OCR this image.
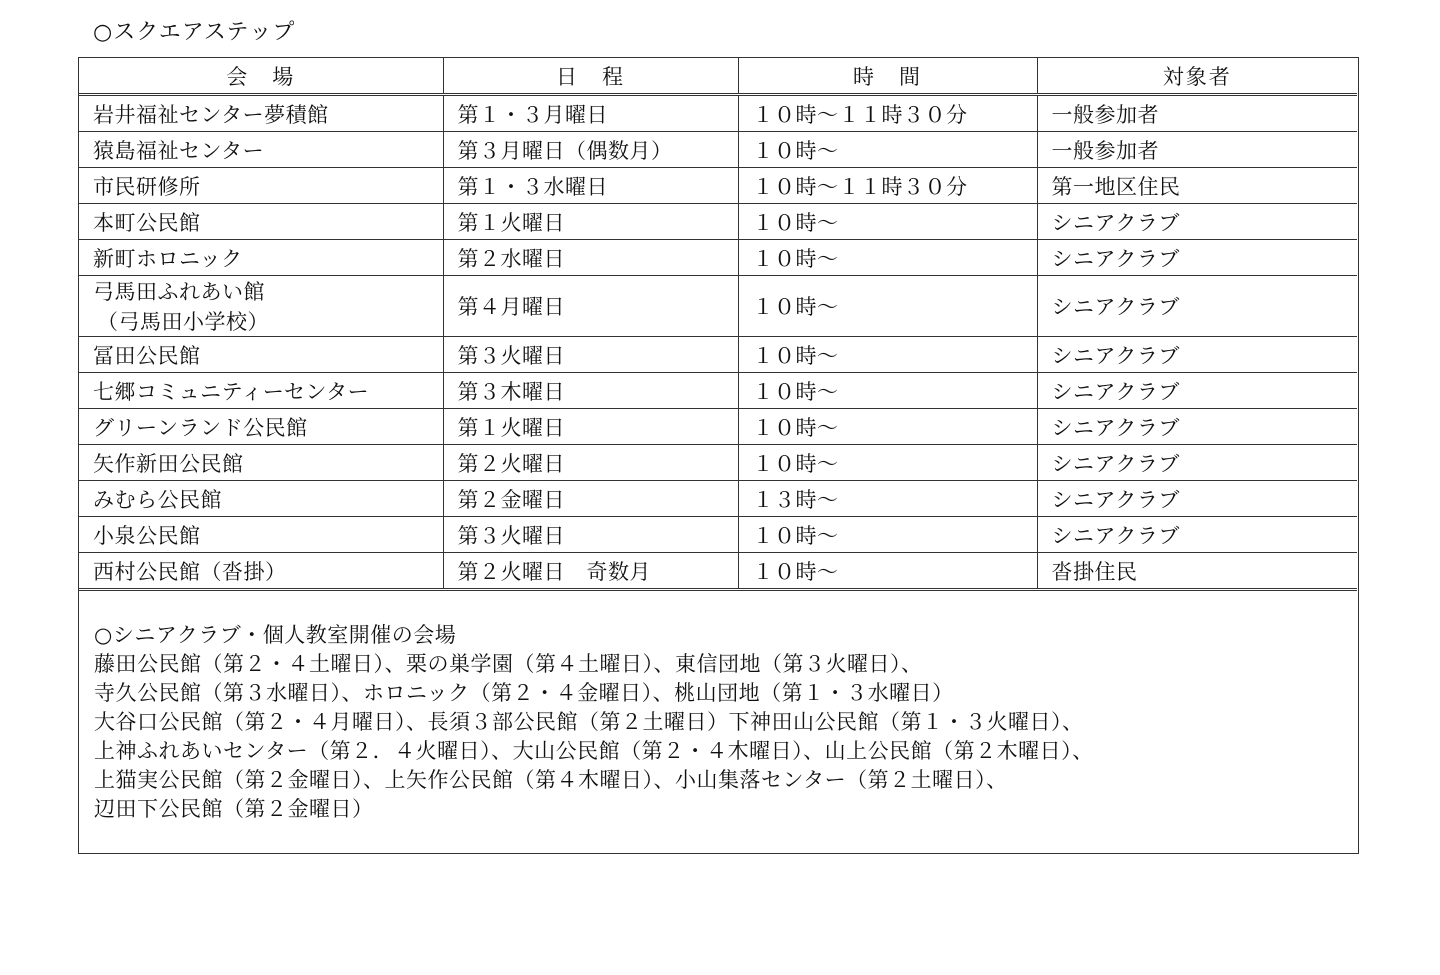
○スクエアステップ
会　場	日　程	時　間	対象者
岩井福祉センター夢積館	第１・３月曜日	１０時～１１時３０分	一般参加者
猿島福祉センター	第３月曜日（偶数月）	１０時～	一般参加者
市民研修所	第１・３水曜日	１０時～１１時３０分	第一地区住民
本町公民館	第１火曜日	１０時～	シニアクラブ
新町ホロニック	第２水曜日	１０時～	シニアクラブ
弓馬田ふれあい館
（弓馬田小学校）	第４月曜日	１０時～	シニアクラブ
冨田公民館	第３火曜日	１０時～	シニアクラブ
七郷コミュニティーセンター	第３木曜日	１０時～	シニアクラブ
グリーンランド公民館	第１火曜日	１０時～	シニアクラブ
矢作新田公民館	第２火曜日	１０時～	シニアクラブ
みむら公民館	第２金曜日	１３時～	シニアクラブ
小泉公民館	第３火曜日	１０時～	シニアクラブ
西村公民館（沓掛）	第２火曜日　奇数月	１０時～	沓掛住民
○シニアクラブ・個人教室開催の会場
藤田公民館（第２・４土曜日）、栗の巣学園（第４土曜日）、東信団地（第３火曜日）、
寺久公民館（第３水曜日）、ホロニック（第２・４金曜日）、桃山団地（第１・３水曜日）
大谷口公民館（第２・４月曜日）、長須３部公民館（第２土曜日）下神田山公民館（第１・３火曜日）、
上神ふれあいセンター（第２．４火曜日）、大山公民館（第２・４木曜日）、山上公民館（第２木曜日）、
上猫実公民館（第２金曜日）、上矢作公民館（第４木曜日）、小山集落センター（第２土曜日）、
辺田下公民館（第２金曜日）
